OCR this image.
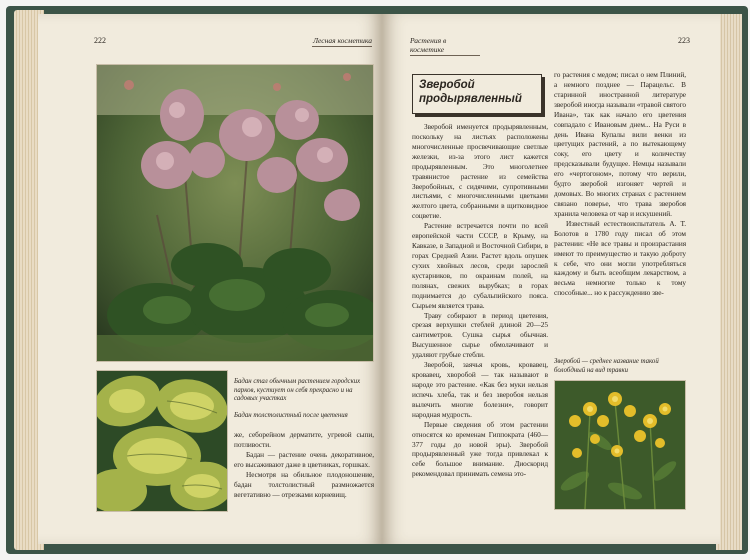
222	Лесная косметика
Бадан стал обычным растением городских парков, кустиует он себя прекрасно и на садовых участках
Бадан толстолистный после цветения

же, себорейном дерматите, угревой сыпи, потливости.

Бадан — растение очень декоративное, его высаживают даже в цветниках, горшках.

Несмотря на обильное плодоношение, бадан толстолистный размножается вегетативно — отрезками корневищ.

Растения в косметике
223
Зверобой
продырявленный

Зверобой именуется продырявленным, поскольку на листьях расположены многочисленные просвечивающие светлые железки, из-за этого лист кажется продырявленным. Это многолетнее травянистое растение из семейства Зверобойных, с сидячими, супротивными листьями, с многочисленными цветками желтого цвета, собранными в щитковидное соцветие.

Растение встречается почти по всей европейской части СССР, в Крыму, на Кавказе, в Западной и Восточной Сибири, в горах Средней Азии. Растет вдоль опушек сухих хвойных лесов, среди зарослей кустарников, по окраинам полей, на полянах, свежих вырубках; в горах поднимается до субальпийского пояса. Сырьем является трава.

Траву собирают в период цветения, срезая верхушки стеблей длиной 20—25 сантиметров. Сушка сырья обычная. Высушенное сырье обмолачивают и удаляют грубые стебли.

Зверобой, заячья кровь, кровавец, кровавец, хворобой — так называют в народе это растение. «Как без муки нельзя испечь хлеба, так и без зверобоя нельзя вылечить многие болезни», говорит народная мудрость.

Первые сведения об этом растении относятся ко временам Гиппократа (460—377 годы до новой эры). Зверобой продырявленный уже тогда привлекал к себе большое внимание. Диоскорид рекомендовал принимать семена это-

го растения с медом; писал о нем Плиний, а немного позднее — Парацельс. В старинной иностранной литературе зверобой иногда называли «травой святого Ивана», так как начало его цветения совпадало с Ивановым днем... На Руси в день Ивана Купалы вили венки из цветущих растений, а по вытекающему соку, его цвету и количеству предсказывали будущее. Немцы называли его «чертогоном», потому что верили, будто зверобой изгоняет чертей и домовых. Во многих странах с растением связано поверье, что трава зверобоя хранила человека от чар и искушений.

Известный естествоиспытатель А. Т. Болотов в 1780 году писал об этом растении: «Не все травы и произрастания имеют то преимущество и такую доброту к себе, что они могли употребляться каждому и быть всеобщим лекарством, а весьма немногие только к тому способные... но к рассуждению зве-

Зверобой — среднее название такой болобдный на вид травки
